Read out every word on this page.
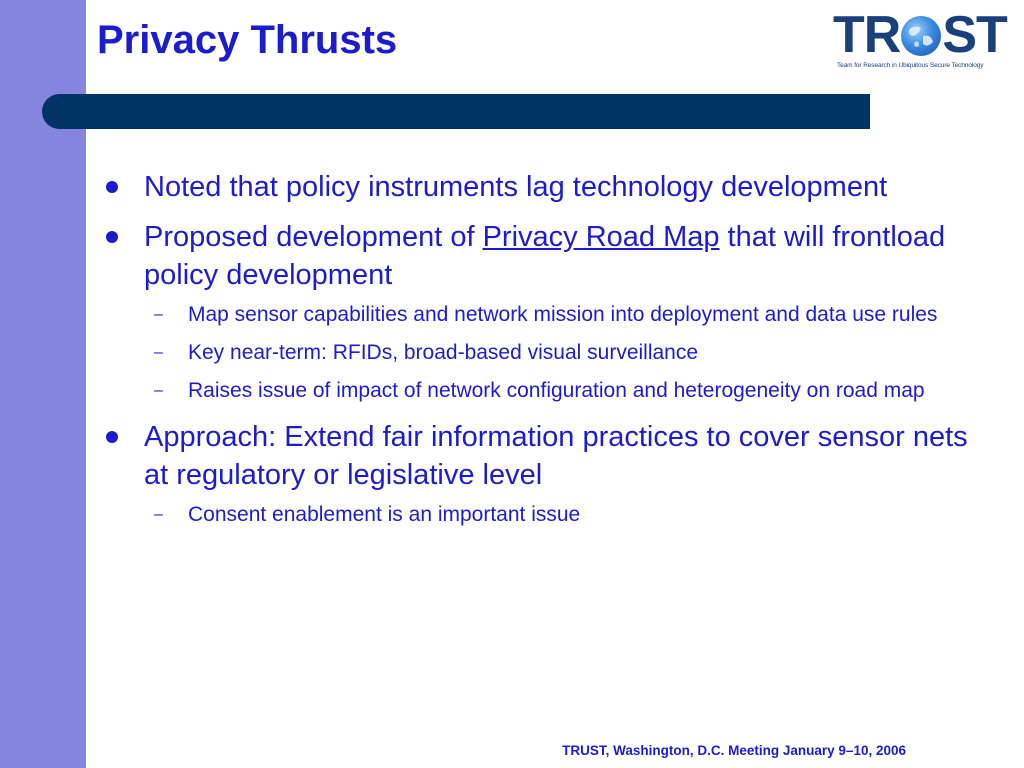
Privacy Thrusts	TR ST
Team for Research in Ubiquitous Secure Technology
Noted that policy instruments lag technology development
Proposed development of Privacy Road Map that will frontload policy development
– Map sensor capabilities and network mission into deployment and data use rules
– Key near-term: RFIDs, broad-based visual surveillance
– Raises issue of impact of network configuration and heterogeneity on road map
Approach: Extend fair information practices to cover sensor nets at regulatory or legislative level
– Consent enablement is an important issue
TRUST, Washington, D.C. Meeting January 9–10, 2006
